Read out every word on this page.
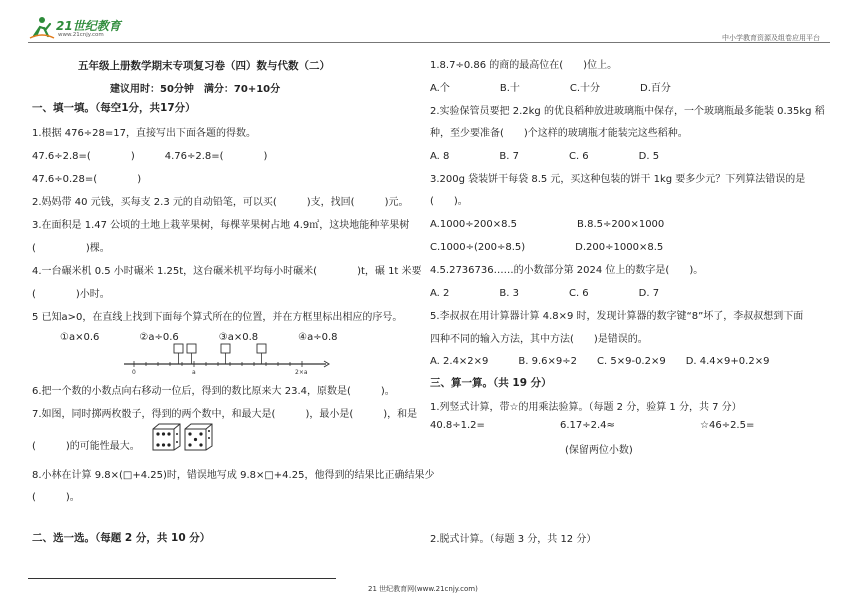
21世纪教育
www.21cnjy.com	中小学教育资源及组卷应用平台
五年级上册数学期末专项复习卷（四）数与代数（二）
建议用时：50分钟　满分：70+10分
一、填一填。（每空1分，共17分）
1.根据 476÷28=17，直接写出下面各题的得数。
47.6÷2.8=(　　　　)　　　4.76÷2.8=(　　　　)
47.6÷0.28=(　　　　)
2.妈妈带 40 元钱，买每支 2.3 元的自动铅笔，可以买(　　　)支，找回(　　　)元。
3.在面积是 1.47 公顷的土地上栽苹果树，每棵苹果树占地 4.9㎡，这块地能种苹果树
(　　　　　)棵。
4.一台碾米机 0.5 小时碾米 1.25t，这台碾米机平均每小时碾米(　　　　)t，碾 1t 米要
(　　　　)小时。
5 已知a>0，在直线上找到下面每个算式所在的位置，并在方框里标出相应的序号。
①a×0.6　　　　②a÷0.6　　　　③a×0.8　　　　④a÷0.8
0	a	2×a
6.把一个数的小数点向右移动一位后，得到的数比原来大 23.4，原数是(　　　)。
7.如图，同时掷两枚骰子，得到的两个数中，和最大是(　　　)，最小是(　　　)，和是
(　　　)的可能性最大。
8.小林在计算 9.8×(□+4.25)时，错误地写成 9.8×□+4.25，他得到的结果比正确结果少
(　　　)。
二、选一选。（每题 2 分，共 10 分）
1.8.7÷0.86 的商的最高位在(　　)位上。
A.个　　　　　B.十　　　　　C.十分　　　　D.百分
2.实验保管员要把 2.2kg 的优良稻种放进玻璃瓶中保存，一个玻璃瓶最多能装 0.35kg 稻
种，至少要准备(　　)个这样的玻璃瓶才能装完这些稻种。
A. 8　　　　　B. 7　　　　　C. 6　　　　　D. 5
3.200g 袋装饼干每袋 8.5 元，买这种包装的饼干 1kg 要多少元？下列算法错误的是
(　　)。
A.1000÷200×8.5　　　　　　B.8.5÷200×1000
C.1000÷(200÷8.5)　　　　　D.200÷1000×8.5
4.5.2736736……的小数部分第 2024 位上的数字是(　　)。
A. 2　　　　　B. 3　　　　　C. 6　　　　　D. 7
5.李叔叔在用计算器计算 4.8×9 时，发现计算器的数字键“8”坏了，李叔叔想到下面
四种不同的输入方法，其中方法(　　)是错误的。
A. 2.4×2×9　　　B. 9.6×9÷2　　C. 5×9-0.2×9　　D. 4.4×9+0.2×9
三、算一算。（共 19 分）
1.列竖式计算，带☆的用乘法验算。（每题 2 分，验算 1 分，共 7 分）
40.8÷1.2=	6.17÷2.4≈	☆46÷2.5=
(保留两位小数)
2.脱式计算。（每题 3 分，共 12 分）
21 世纪教育网(www.21cnjy.com)
